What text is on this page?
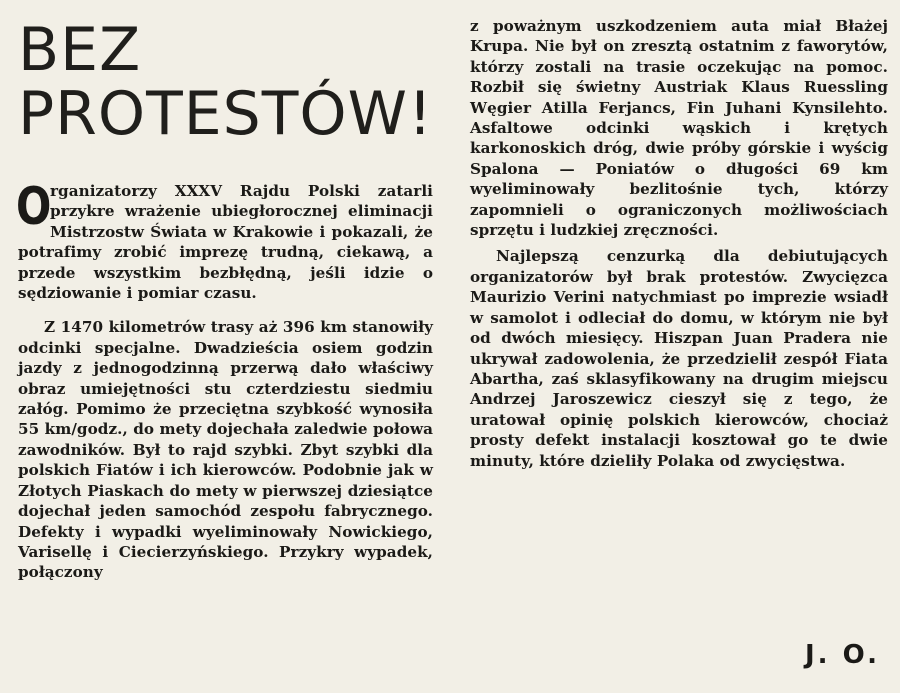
BEZ
PROTESTÓW!

O
rganizatorzy XXXV Rajdu Polski zatarli przykre wrażenie ubiegłorocznej eliminacji Mistrzostw Świata w Krakowie i pokazali, że potrafimy zrobić imprezę trudną, ciekawą, a przede wszystkim bezbłędną, jeśli idzie o sędziowanie i pomiar czasu.

Z 1470 kilometrów trasy aż 396 km stanowiły odcinki specjalne. Dwadzieścia osiem godzin jazdy z jednogodzinną przerwą dało właściwy obraz umiejętności stu czterdziestu siedmiu załóg. Pomimo że przeciętna szybkość wynosiła 55 km/godz., do mety dojechała zaledwie połowa zawodników. Był to rajd szybki. Zbyt szybki dla polskich Fiatów i ich kierowców. Podobnie jak w Złotych Piaskach do mety w pierwszej dziesiątce dojechał jeden samochód zespołu fabrycznego. Defekty i wypadki wyeliminowały Nowickiego, Varisellę i Ciecierzyńskiego. Przykry wypadek, połączony

z poważnym uszkodzeniem auta miał Błażej Krupa. Nie był on zresztą ostatnim z faworytów, którzy zostali na trasie oczekując na pomoc. Rozbił się świetny Austriak Klaus Ruessling Węgier Atilla Ferjancs, Fin Juhani Kynsilehto. Asfaltowe odcinki wąskich i krętych karkonoskich dróg, dwie próby górskie i wyścig Spalona — Poniatów o długości 69 km wyeliminowały bezlitośnie tych, którzy zapomnieli o ograniczonych możliwościach sprzętu i ludzkiej zręczności.

Najlepszą cenzurką dla debiutujących organizatorów był brak protestów. Zwycięzca Maurizio Verini natychmiast po imprezie wsiadł w samolot i odleciał do domu, w którym nie był od dwóch miesięcy. Hiszpan Juan Pradera nie ukrywał zadowolenia, że przedzielił zespół Fiata Abartha, zaś sklasyfikowany na drugim miejscu Andrzej Jaroszewicz cieszył się z tego, że uratował opinię polskich kierowców, chociaż prosty defekt instalacji kosztował go te dwie minuty, które dzieliły Polaka od zwycięstwa.

J. O.
